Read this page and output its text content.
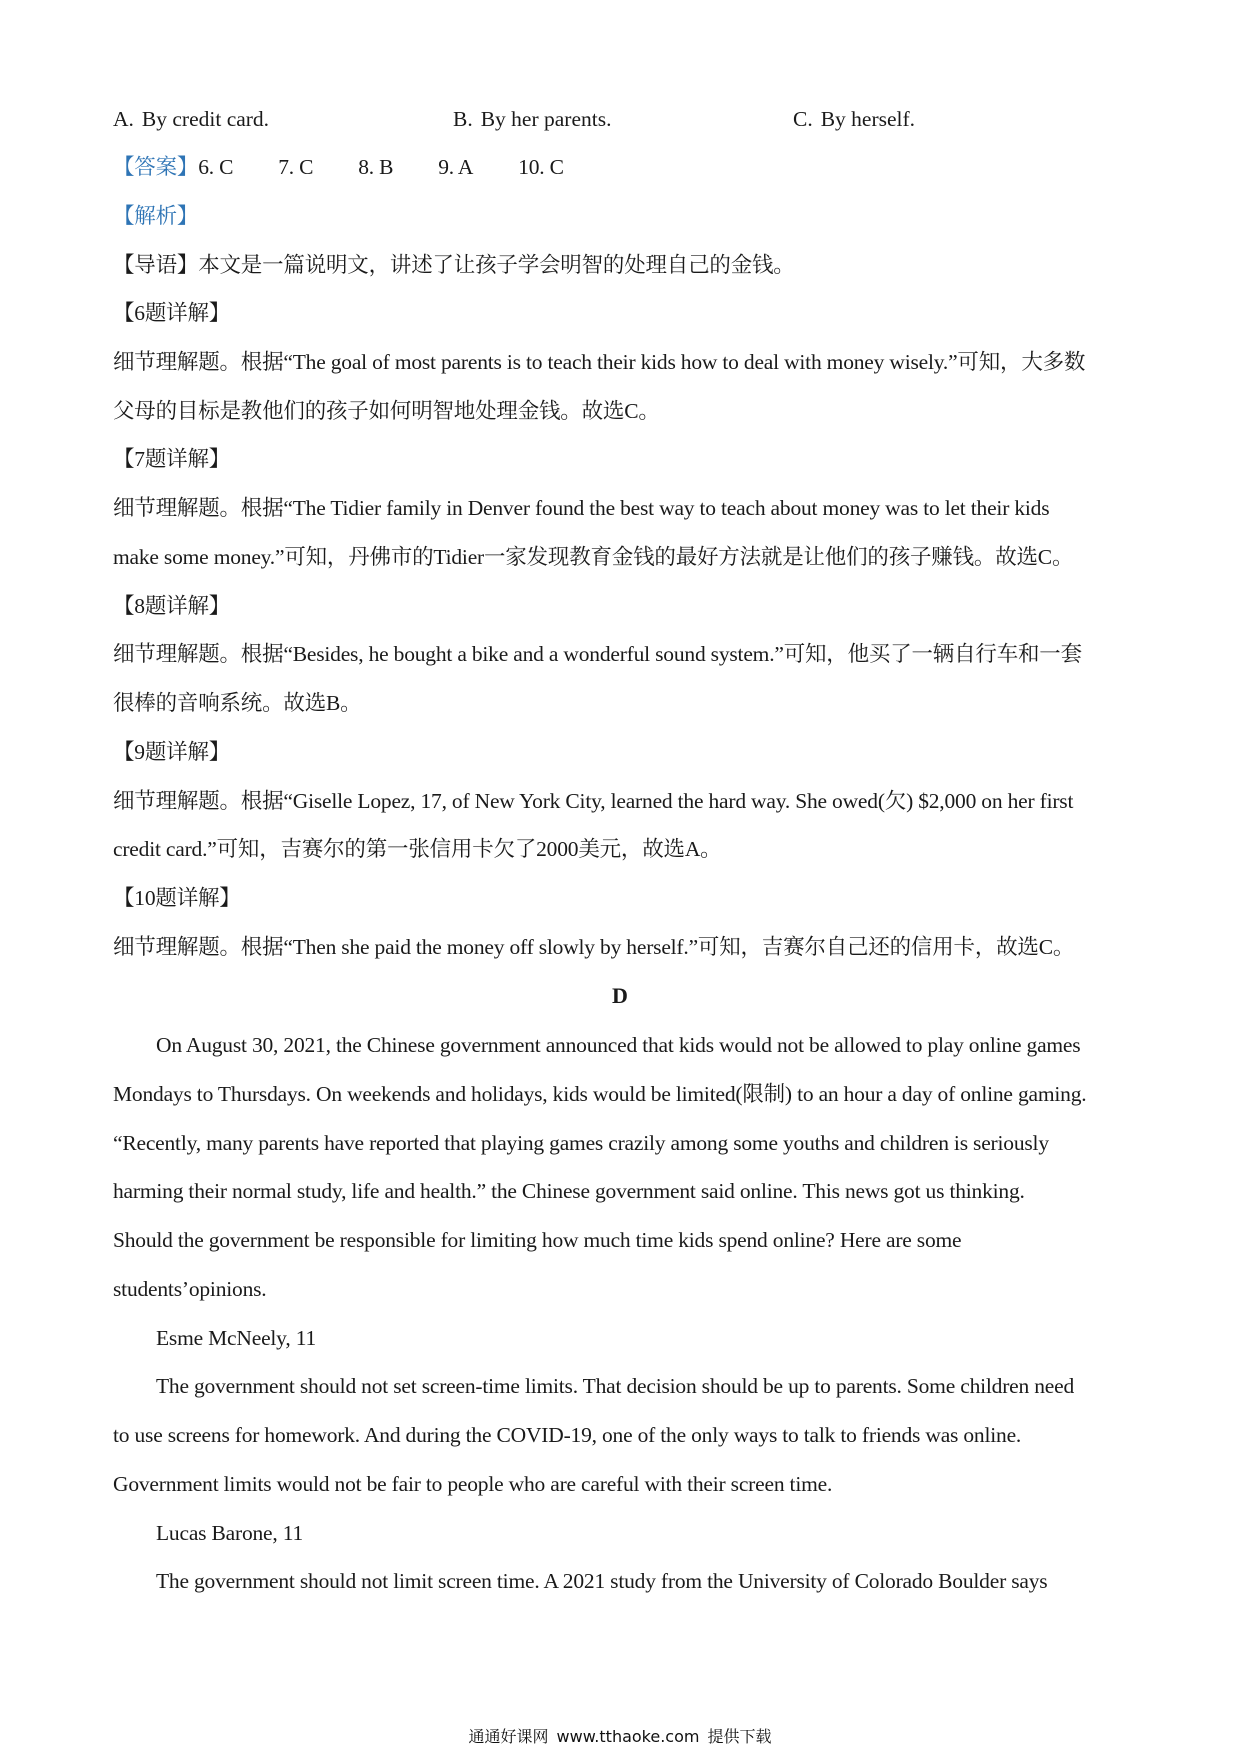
A. By credit card.	B. By her parents.	C. By herself.
【答案】6. C 7. C 8. B 9. A 10. C
【解析】
【导语】本文是一篇说明文，讲述了让孩子学会明智的处理自己的金钱。
【6题详解】
细节理解题。根据“The goal of most parents is to teach their kids how to deal with money wisely.”可知，大多数
父母的目标是教他们的孩子如何明智地处理金钱。故选C。
【7题详解】
细节理解题。根据“The Tidier family in Denver found the best way to teach about money was to let their kids
make some money.”可知，丹佛市的Tidier一家发现教育金钱的最好方法就是让他们的孩子赚钱。故选C。
【8题详解】
细节理解题。根据“Besides, he bought a bike and a wonderful sound system.”可知，他买了一辆自行车和一套
很棒的音响系统。故选B。
【9题详解】
细节理解题。根据“Giselle Lopez, 17, of New York City, learned the hard way. She owed(欠) $2,000 on her first
credit card.”可知，吉赛尔的第一张信用卡欠了2000美元，故选A。
【10题详解】
细节理解题。根据“Then she paid the money off slowly by herself.”可知，吉赛尔自己还的信用卡，故选C。
D
On August 30, 2021, the Chinese government announced that kids would not be allowed to play online games
Mondays to Thursdays. On weekends and holidays, kids would be limited(限制) to an hour a day of online gaming.
“Recently, many parents have reported that playing games crazily among some youths and children is seriously
harming their normal study, life and health.” the Chinese government said online. This news got us thinking.
Should the government be responsible for limiting how much time kids spend online? Here are some
students’opinions.
Esme McNeely, 11
The government should not set screen-time limits. That decision should be up to parents. Some children need
to use screens for homework. And during the COVID-19, one of the only ways to talk to friends was online.
Government limits would not be fair to people who are careful with their screen time.
Lucas Barone, 11
The government should not limit screen time. A 2021 study from the University of Colorado Boulder says
通通好课网 www.tthaoke.com 提供下载
